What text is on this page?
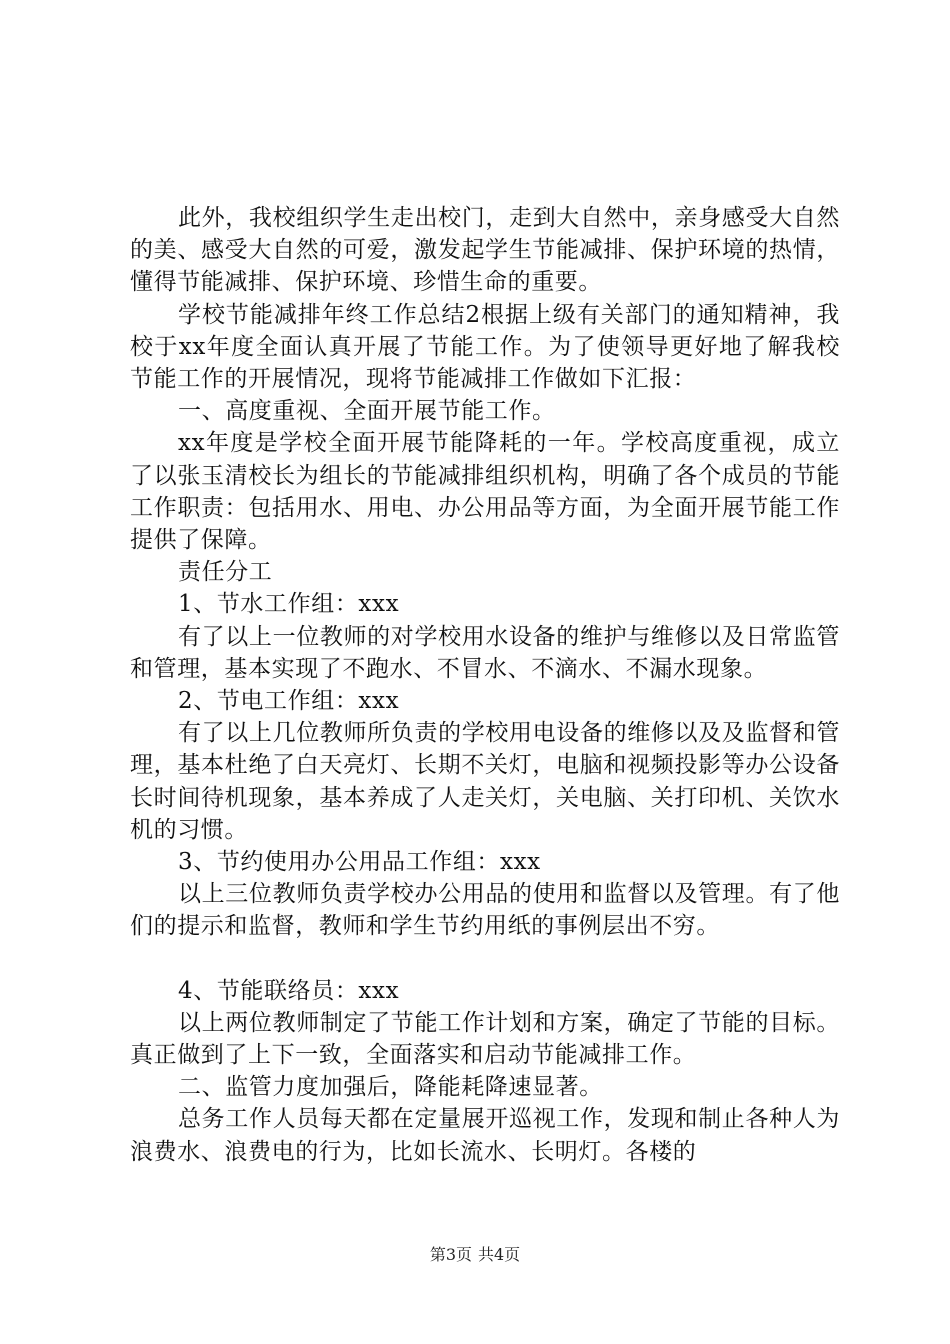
此外，我校组织学生走出校门，走到大自然中，亲身感受大自然的美、感受大自然的可爱，激发起学生节能减排、保护环境的热情，懂得节能减排、保护环境、珍惜生命的重要。

学校节能减排年终工作总结2根据上级有关部门的通知精神，我校于xx年度全面认真开展了节能工作。为了使领导更好地了解我校节能工作的开展情况，现将节能减排工作做如下汇报：

一、高度重视、全面开展节能工作。

xx年度是学校全面开展节能降耗的一年。学校高度重视，成立了以张玉清校长为组长的节能减排组织机构，明确了各个成员的节能工作职责：包括用水、用电、办公用品等方面，为全面开展节能工作提供了保障。

责任分工

1、节水工作组：xxx

有了以上一位教师的对学校用水设备的维护与维修以及日常监管和管理，基本实现了不跑水、不冒水、不滴水、不漏水现象。

2、节电工作组：xxx

有了以上几位教师所负责的学校用电设备的维修以及及监督和管理，基本杜绝了白天亮灯、长期不关灯，电脑和视频投影等办公设备长时间待机现象，基本养成了人走关灯，关电脑、关打印机、关饮水机的习惯。

3、节约使用办公用品工作组：xxx

以上三位教师负责学校办公用品的使用和监督以及管理。有了他们的提示和监督，教师和学生节约用纸的事例层出不穷。

4、节能联络员：xxx

以上两位教师制定了节能工作计划和方案，确定了节能的目标。真正做到了上下一致，全面落实和启动节能减排工作。

二、监管力度加强后，降能耗降速显著。

总务工作人员每天都在定量展开巡视工作，发现和制止各种人为浪费水、浪费电的行为，比如长流水、长明灯。各楼的

第3页 共4页
